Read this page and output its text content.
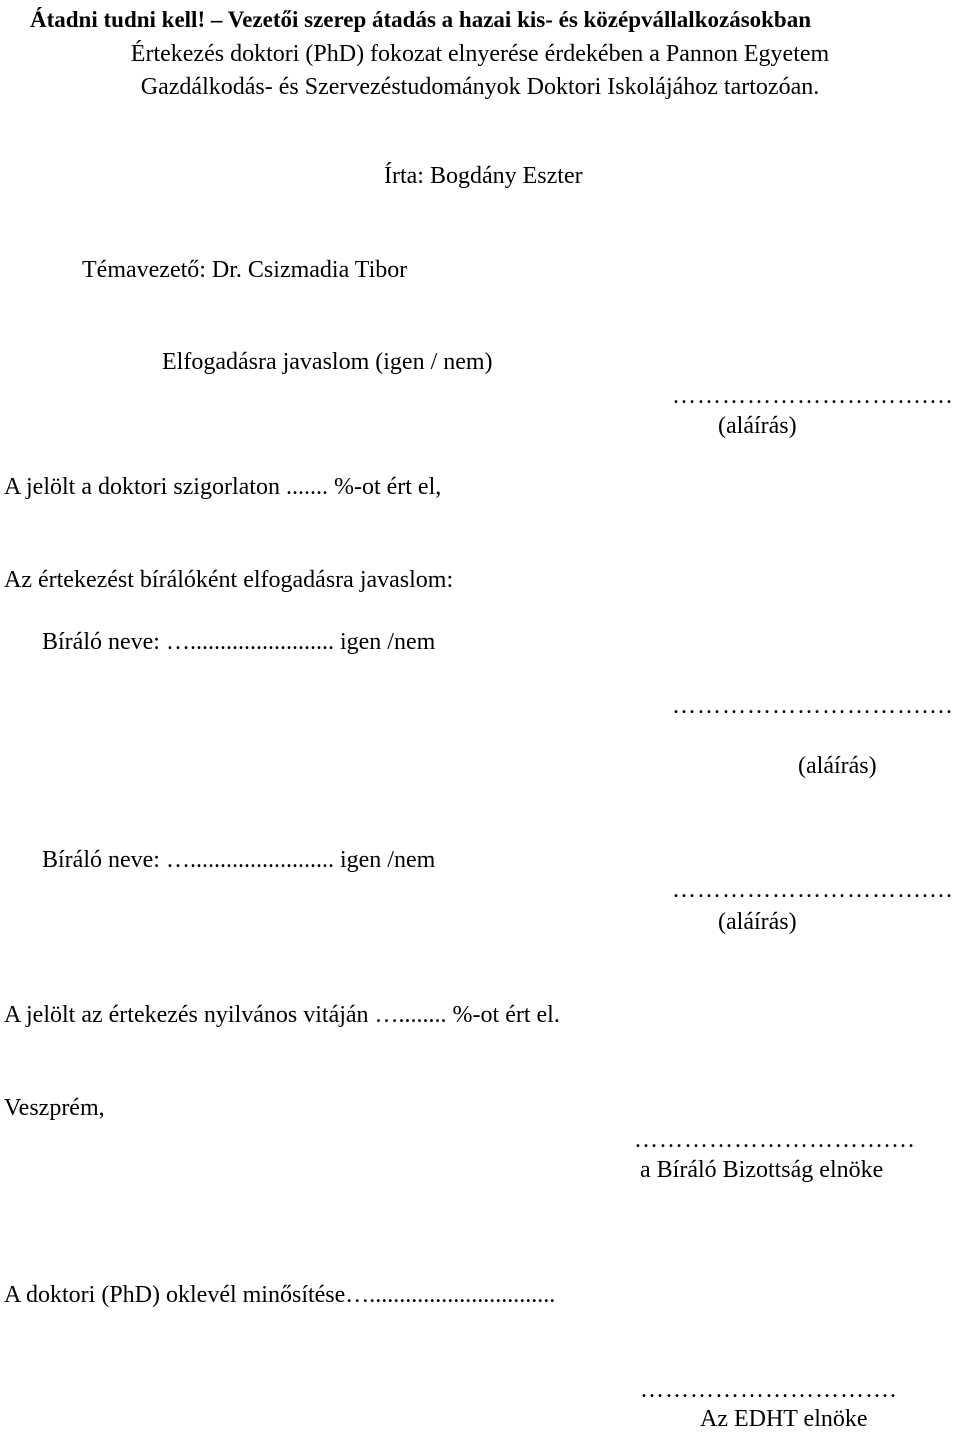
Átadni tudni kell! – Vezetői szerep átadás a hazai kis- és középvállalkozásokban
Értekezés doktori (PhD) fokozat elnyerése érdekében a Pannon Egyetem
Gazdálkodás- és Szervezéstudományok Doktori Iskolájához tartozóan.
Írta: Bogdány Eszter
Témavezető: Dr. Csizmadia Tibor
Elfogadásra javaslom (igen / nem)
………………………….…
(aláírás)
A jelölt a doktori szigorlaton ....... %-ot ért el,
Az értekezést bírálóként elfogadásra javaslom:
Bíráló neve: …........................ igen /nem
………………………….…
(aláírás)
Bíráló neve: …........................ igen /nem
………………………….…
(aláírás)
A jelölt az értekezés nyilvános vitáján …........ %-ot ért el.
Veszprém,
………………………….…
a Bíráló Bizottság elnöke
A doktori (PhD) oklevél minősítése…...............................
………………………….
Az EDHT elnöke
